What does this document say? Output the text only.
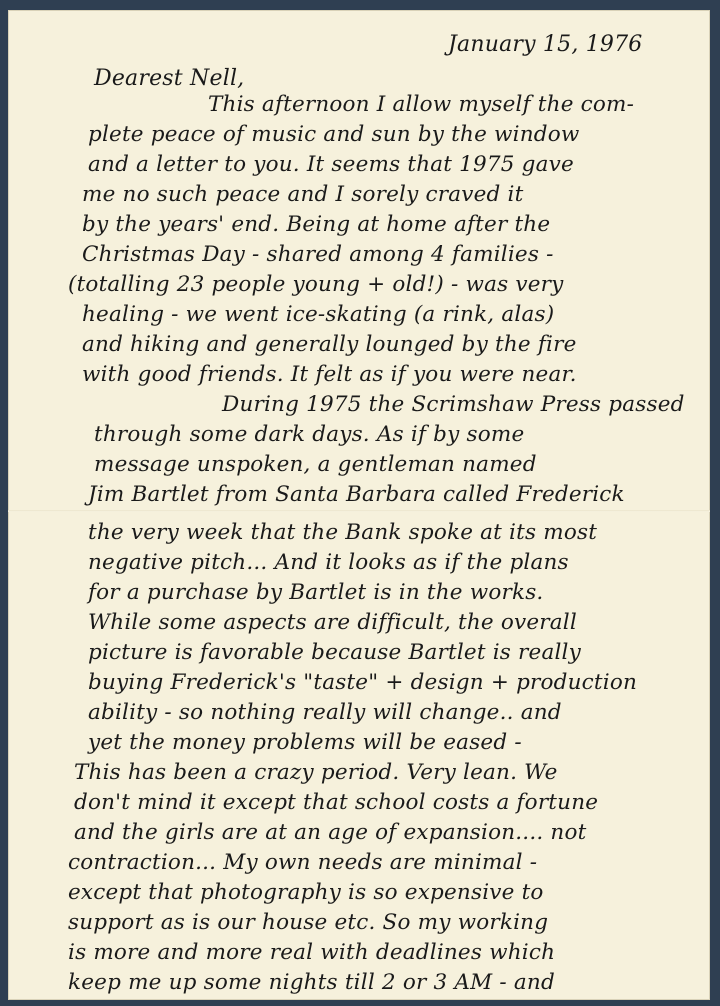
January 15, 1976
Dearest Nell,
This afternoon I allow myself the com-
plete peace of music and sun by the window
and a letter to you. It seems that 1975 gave
me no such peace and I sorely craved it
by the years' end. Being at home after the
Christmas Day - shared among 4 families -
(totalling 23 people young + old!) - was very
healing - we went ice-skating (a rink, alas)
and hiking and generally lounged by the fire
with good friends. It felt as if you were near.
During 1975 the Scrimshaw Press passed
through some dark days. As if by some
message unspoken, a gentleman named
Jim Bartlet from Santa Barbara called Frederick
the very week that the Bank spoke at its most
negative pitch... And it looks as if the plans
for a purchase by Bartlet is in the works.
While some aspects are difficult, the overall
picture is favorable because Bartlet is really
buying Frederick's "taste" + design + production
ability - so nothing really will change.. and
yet the money problems will be eased -
This has been a crazy period. Very lean. We
don't mind it except that school costs a fortune
and the girls are at an age of expansion.... not
contraction... My own needs are minimal -
except that photography is so expensive to
support as is our house etc. So my working
is more and more real with deadlines which
keep me up some nights till 2 or 3 AM - and
